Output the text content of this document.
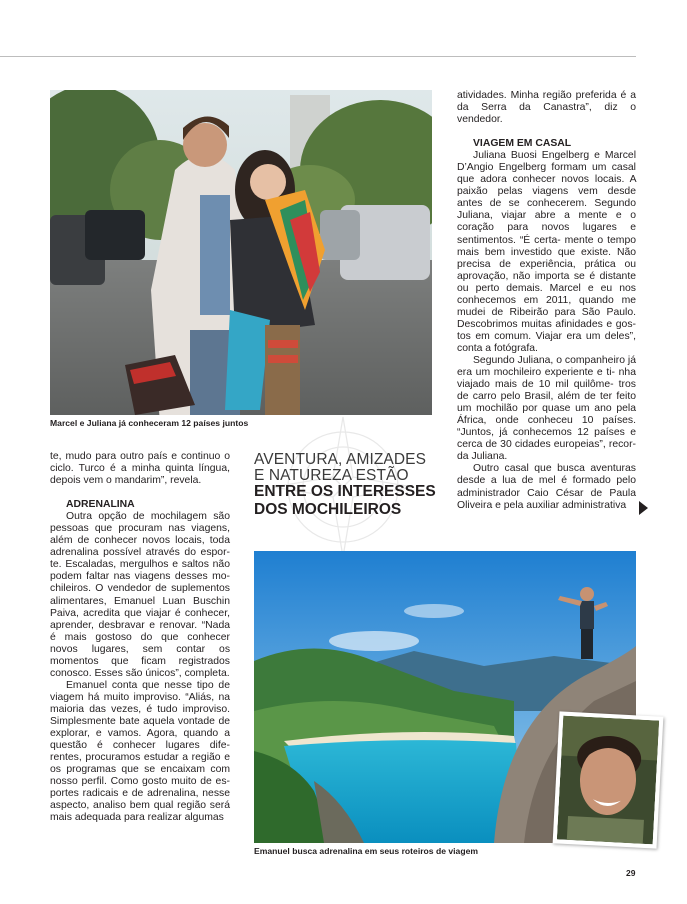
Marcel e Juliana já conheceram 12 países juntos

te, mudo para outro país e continuo o ciclo. Turco é a minha quinta língua, depois vem o mandarim”, revela.

ADRENALINA

Outra opção de mochilagem são pessoas que procuram nas viagens, além de conhecer novos locais, toda adrenalina possível através do espor- te. Escaladas, mergulhos e saltos não podem faltar nas viagens desses mo- chileiros. O vendedor de suplementos alimentares, Emanuel Luan Buschin Paiva, acredita que viajar é conhecer, aprender, desbravar e renovar. “Nada é mais gostoso do que conhecer novos lugares, sem contar os momentos que ficam registrados conosco. Esses são únicos”, completa.

Emanuel conta que nesse tipo de viagem há muito improviso. “Aliás, na maioria das vezes, é tudo improviso. Simplesmente bate aquela vontade de explorar, e vamos. Agora, quando a questão é conhecer lugares dife- rentes, procuramos estudar a região e os programas que se encaixam com nosso perfil. Como gosto muito de es- portes radicais e de adrenalina, nesse aspecto, analiso bem qual região será mais adequada para realizar algumas

AVENTURA, AMIZADES
E NATUREZA ESTÃO
ENTRE OS INTERESSES
DOS MOCHILEIROS

atividades. Minha região preferida é a da Serra da Canastra”, diz o vendedor.

VIAGEM EM CASAL

Juliana Buosi Engelberg e Marcel D’Angio Engelberg formam um casal que adora conhecer novos locais. A paixão pelas viagens vem desde antes de se conhecerem. Segundo Juliana, viajar abre a mente e o coração para novos lugares e sentimentos. “É certa- mente o tempo mais bem investido que existe. Não precisa de experiência, prática ou aprovação, não importa se é distante ou perto demais. Marcel e eu nos conhecemos em 2011, quando me mudei de Ribeirão para São Paulo. Descobrimos muitas afinidades e gos- tos em comum. Viajar era um deles”, conta a fotógrafa.

Segundo Juliana, o companheiro já era um mochileiro experiente e ti- nha viajado mais de 10 mil quilôme- tros de carro pelo Brasil, além de ter feito um mochilão por quase um ano pela África, onde conheceu 10 países. “Juntos, já conhecemos 12 países e cerca de 30 cidades europeias”, recor- da Juliana.

Outro casal que busca aventuras desde a lua de mel é formado pelo administrador Caio César de Paula Oliveira e pela auxiliar administrativa

Emanuel busca adrenalina em seus roteiros de viagem
29
